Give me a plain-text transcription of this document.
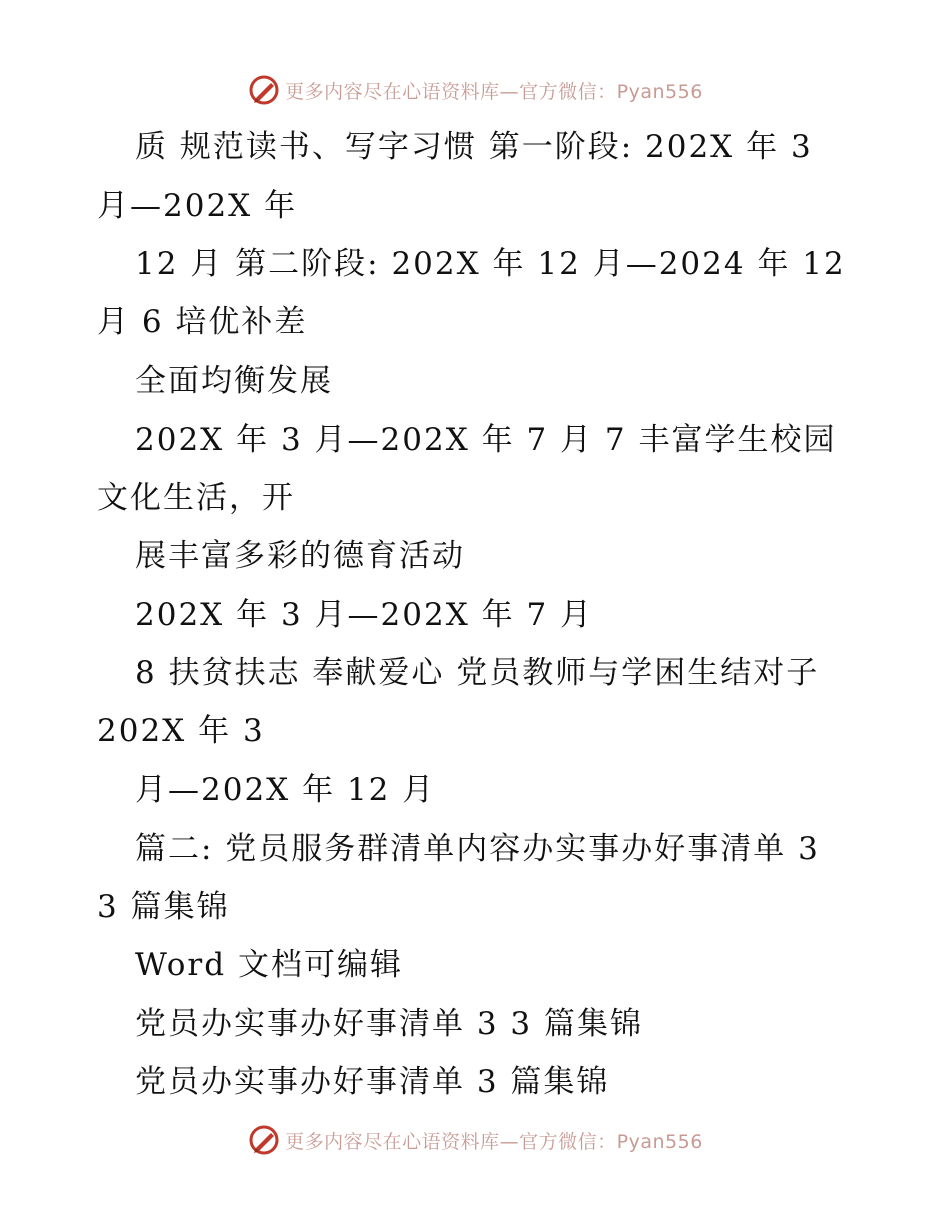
更多内容尽在心语资料库—官方微信：Pyan556
质 规范读书、写字习惯 第一阶段: 202X 年 3
月—202X 年
12 月 第二阶段: 202X 年 12 月—2024 年 12
月 6 培优补差
全面均衡发展
202X 年 3 月—202X 年 7 月 7 丰富学生校园
文化生活，开
展丰富多彩的德育活动
202X 年 3 月—202X 年 7 月
8 扶贫扶志 奉献爱心 党员教师与学困生结对子
202X 年 3
月—202X 年 12 月
篇二: 党员服务群清单内容办实事办好事清单 3
3 篇集锦
Word 文档可编辑
党员办实事办好事清单 3 3 篇集锦
党员办实事办好事清单 3 篇集锦
更多内容尽在心语资料库—官方微信：Pyan556
